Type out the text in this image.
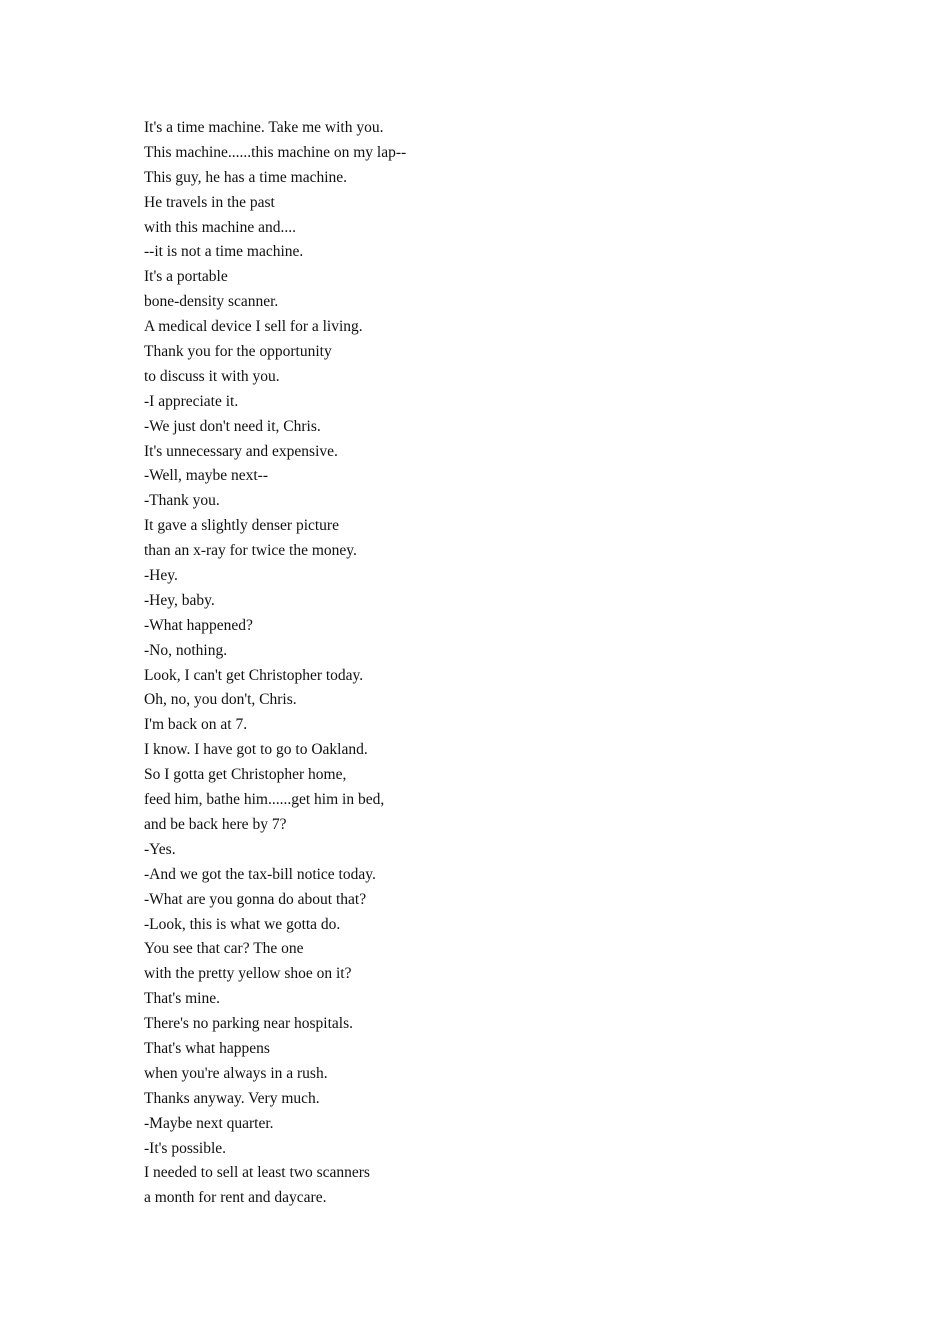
It's a time machine. Take me with you.
This machine......this machine on my lap--
This guy, he has a time machine.
He travels in the past
with this machine and....
--it is not a time machine.
It's a portable
bone-density scanner.
A medical device I sell for a living.
Thank you for the opportunity
to discuss it with you.
-I appreciate it.
-We just don't need it, Chris.
It's unnecessary and expensive.
-Well, maybe next--
-Thank you.
It gave a slightly denser picture
than an x-ray for twice the money.
-Hey.
-Hey, baby.
-What happened?
-No, nothing.
Look, I can't get Christopher today.
Oh, no, you don't, Chris.
I'm back on at 7.
I know. I have got to go to Oakland.
So I gotta get Christopher home,
feed him, bathe him......get him in bed,
and be back here by 7?
-Yes.
-And we got the tax-bill notice today.
-What are you gonna do about that?
-Look, this is what we gotta do.
You see that car? The one
with the pretty yellow shoe on it?
That's mine.
There's no parking near hospitals.
That's what happens
when you're always in a rush.
Thanks anyway. Very much.
-Maybe next quarter.
-It's possible.
I needed to sell at least two scanners
a month for rent and daycare.
